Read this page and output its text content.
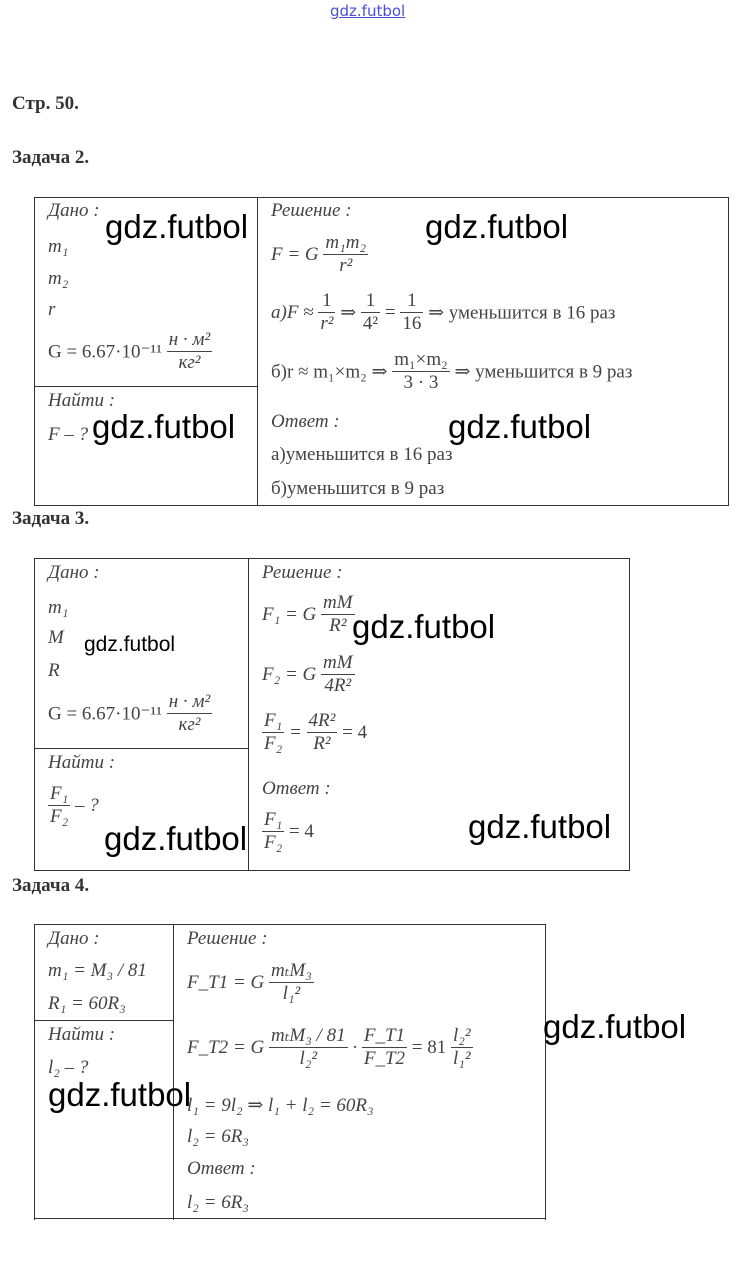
gdz.futbol
Стр. 50.
Задача 2.
Дано :
m₁
m₂
r
$G = 6.67\cdot 10^{-11} \frac{\text{н · м²}}{\text{кг²}}$
Найти :
F – ?
Решение :
F = G $\frac{\text{m₁m₂}}{\text{r²}}$
$а)F \approx \frac{1}{\text{r²}}$ ⇒ $\frac{1}{\text{4²}} = \frac{1}{16}$ ⇒ уменьшится в 16 раз
б)r ≈ m₁×m₂ ⇒ $\frac{\text{m₁×m₂}}{3 \cdot 3}$ ⇒ уменьшится в 9 раз
Ответ :
а)уменьшится в 16 раз
б)уменьшится в 9 раз
gdz.futbol	gdz.futbol
gdz.futbol	gdz.futbol
Задача 3.
Дано :
m₁
M
R
$G = 6.67\cdot 10^{-11} \frac{\text{н · м²}}{\text{кг²}}$
Найти :
$\frac{\text{F₁}}{\text{F₂}}$ – ?
Решение :
F₁ = G $\frac{mM}{\text{R²}}$
F₂ = G $\frac{mM}{\text{4R²}}$
$\frac{\text{F₁}}{\text{F₂}} = \frac{\text{4R²}}{\text{R²}} = 4$
Ответ :
$\frac{\text{F₁}}{\text{F₂}} = 4$
gdz.futbol	gdz.futbol
gdz.futbol	gdz.futbol
Задача 4.
Дано :
m₁ = M₃ / 81
R₁ = 60R₃
Найти :
l₂ – ?
Решение :
F_T1 = G $\frac{\text{mₜM₃}}{\text{l₁²}}$
F_T2 = G $\frac{\text{mₜM₃ / 81}}{\text{l₂²}} \cdot \frac{F\_T1}{F\_T2} = 81 \frac{\text{l₂²}}{\text{l₁²}}$
l₁ = 9l₂ ⇒ l₁ + l₂ = 60R₃
l₂ = 6R₃
Ответ :
l₂ = 6R₃
gdz.futbol
gdz.futbol
